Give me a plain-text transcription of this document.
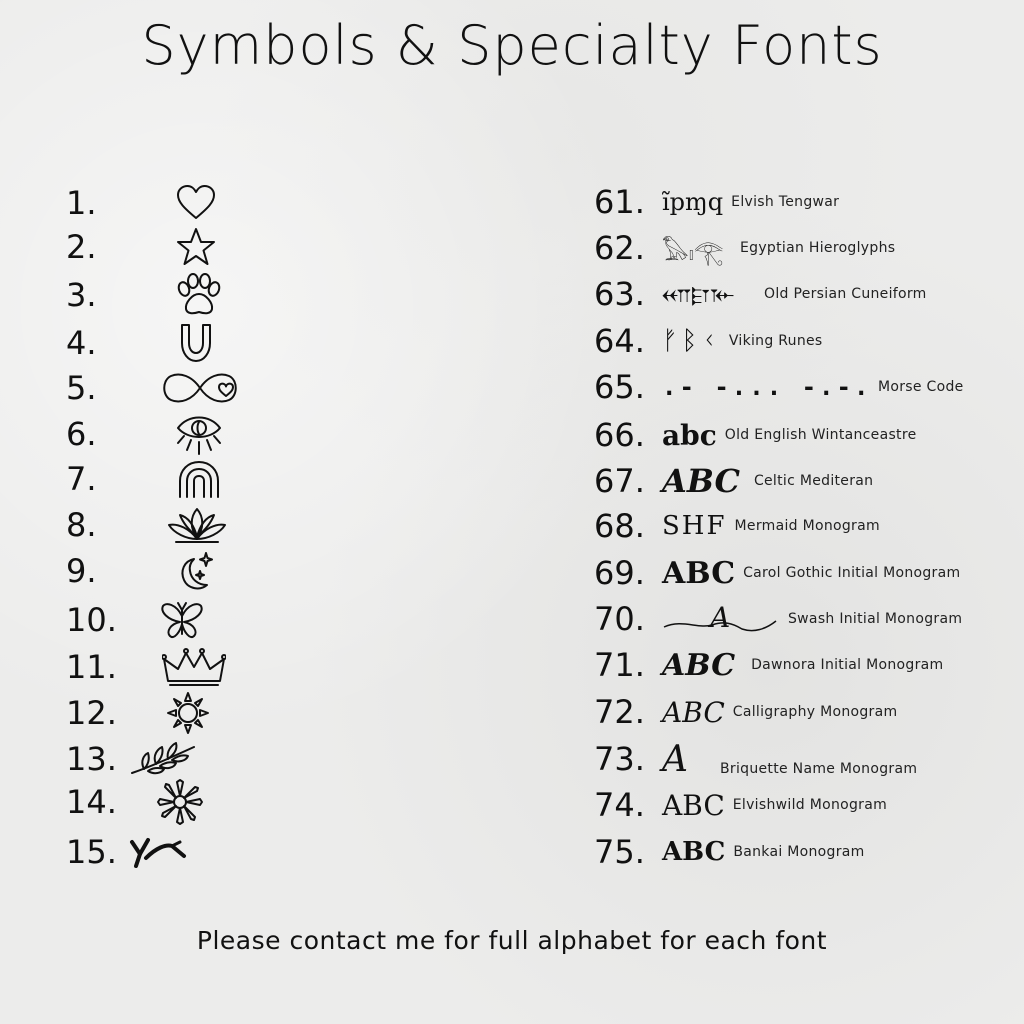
Symbols & Specialty Fonts
1.
2.
3.
4.
5.
6.
7.
8.
9.
10.
11.
12.
13.
14.
15.
61. ĩpɱq Elvish Tengwar
62. 𓅃𓏤𓂀	Egyptian Hieroglyphs
63. 𐎧𐎼𐎹	Old Persian Cuneiform
64. ᚠᛒᚲ Viking Runes
65. .- -... -.-. Morse Code
66. abc Old English Wintanceastre
67. ABC Celtic Mediteran
68. SHF Mermaid Monogram
69. ABC Carol Gothic Initial Monogram
70.	A	Swash Initial Monogram
71. ABC Dawnora Initial Monogram
72. ABC Calligraphy Monogram
73. A	Briquette Name Monogram
74. ABC Elvishwild Monogram
75. ABC Bankai Monogram
Please contact me for full alphabet for each font
